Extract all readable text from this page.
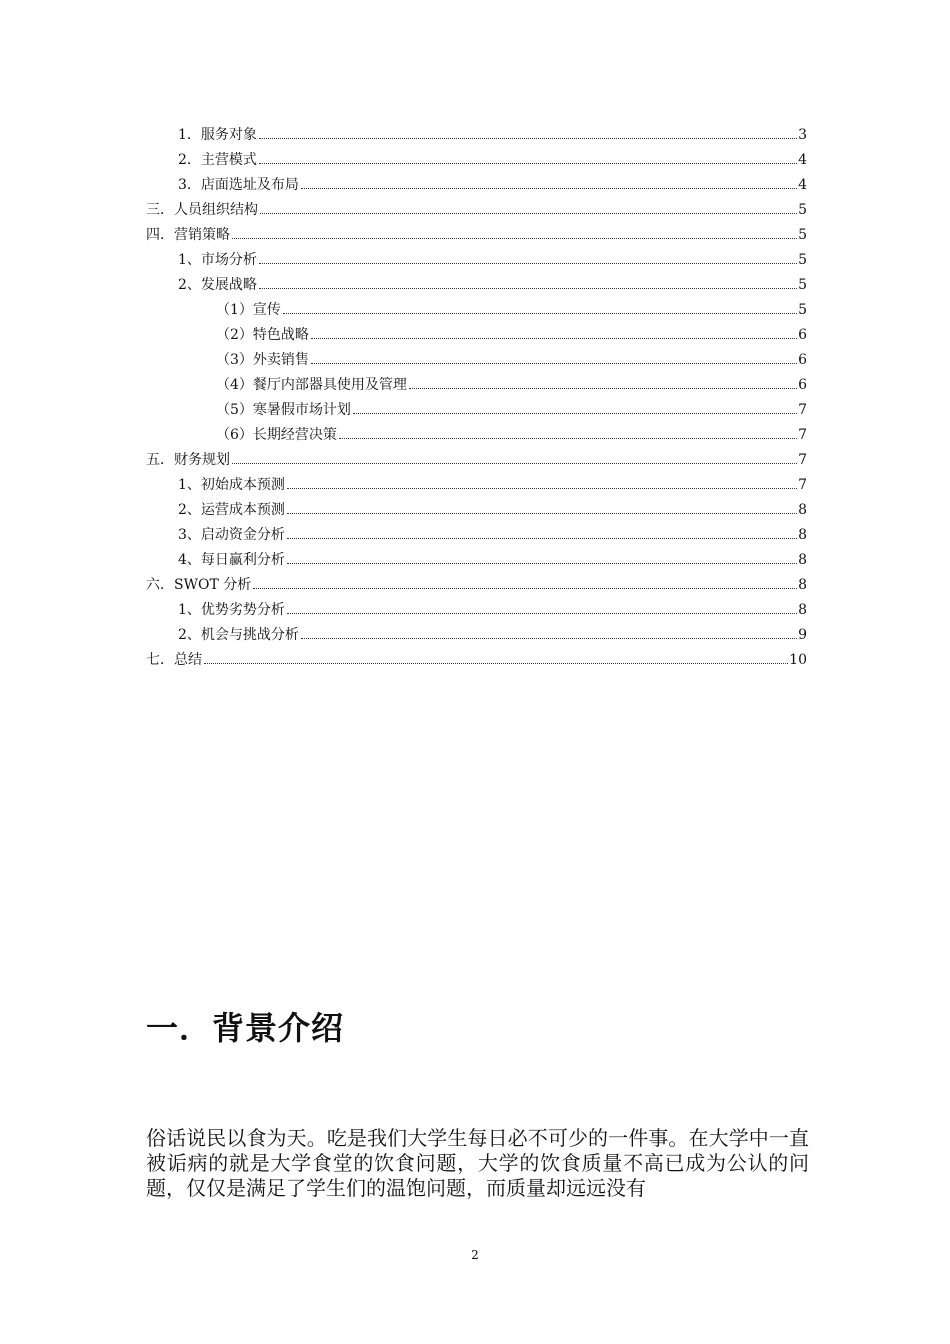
1．服务对象	3
2．主营模式	4
3．店面选址及布局	4
三．人员组织结构	5
四．营销策略	5
1、市场分析	5
2、发展战略	5
（1）宣传	5
（2）特色战略	6
（3）外卖销售	6
（4）餐厅内部器具使用及管理	6
（5）寒暑假市场计划	7
（6）长期经营决策	7
五．财务规划	7
1、初始成本预测	7
2、运营成本预测	8
3、启动资金分析	8
4、每日赢利分析	8
六．SWOT 分析	8
1、优势劣势分析	8
2、机会与挑战分析	9
七．总结	10
一．背景介绍

俗话说民以食为天。吃是我们大学生每日必不可少的一件事。在大学中一直被诟病的就是大学食堂的饮食问题，大学的饮食质量不高已成为公认的问题，仅仅是满足了学生们的温饱问题，而质量却远远没有

2
